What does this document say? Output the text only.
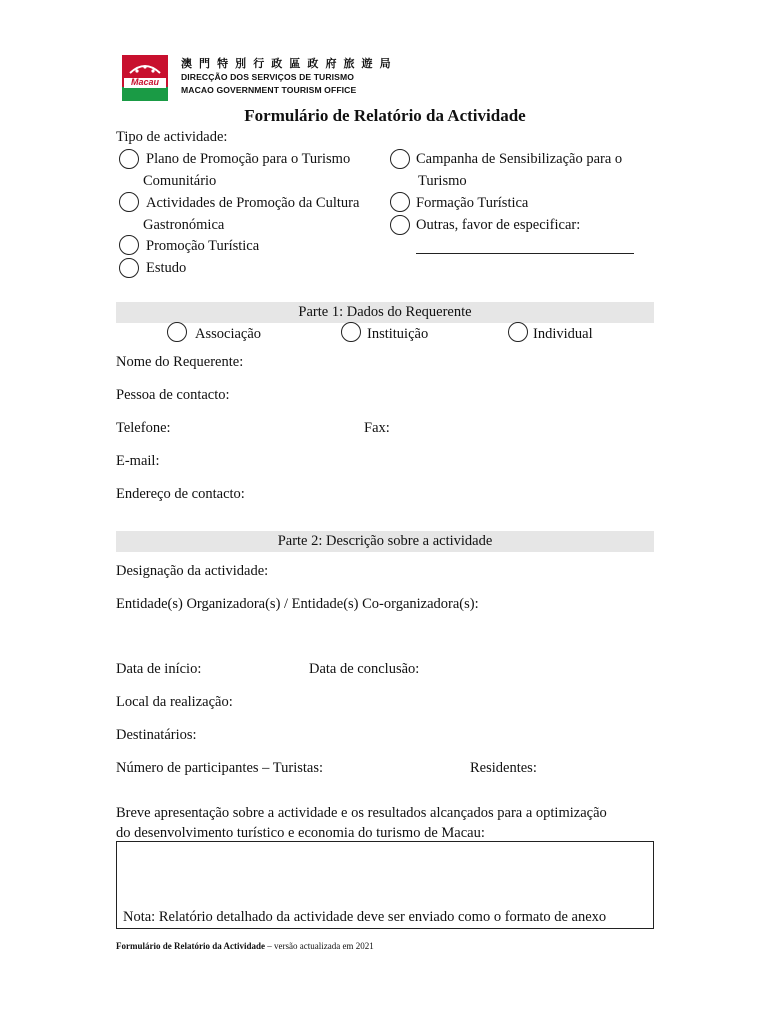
Macau
澳 門 特 別 行 政 區 政 府 旅 遊 局
DIRECÇÃO DOS SERVIÇOS DE TURISMO
MACAO GOVERNMENT TOURISM OFFICE
Formulário de Relatório da Actividade
Tipo de actividade:
Plano de Promoção para o Turismo
Comunitário
Actividades de Promoção da Cultura
Gastronómica
Promoção Turística
Estudo
Campanha de Sensibilização para o
Turismo
Formação Turística
Outras, favor de especificar:
Parte 1: Dados do Requerente
Associação	Instituição	Individual
Nome do Requerente:
Pessoa de contacto:
Telefone:	Fax:
E-mail:
Endereço de contacto:
Parte 2: Descrição sobre a actividade
Designação da actividade:
Entidade(s) Organizadora(s) / Entidade(s) Co-organizadora(s):
Data de início:	Data de conclusão:
Local da realização:
Destinatários:
Número de participantes – Turistas:	Residentes:
Breve apresentação sobre a actividade e os resultados alcançados para a optimização
do desenvolvimento turístico e economia do turismo de Macau:
Nota: Relatório detalhado da actividade deve ser enviado como o formato de anexo
Formulário de Relatório da Actividade – versão actualizada em 2021
